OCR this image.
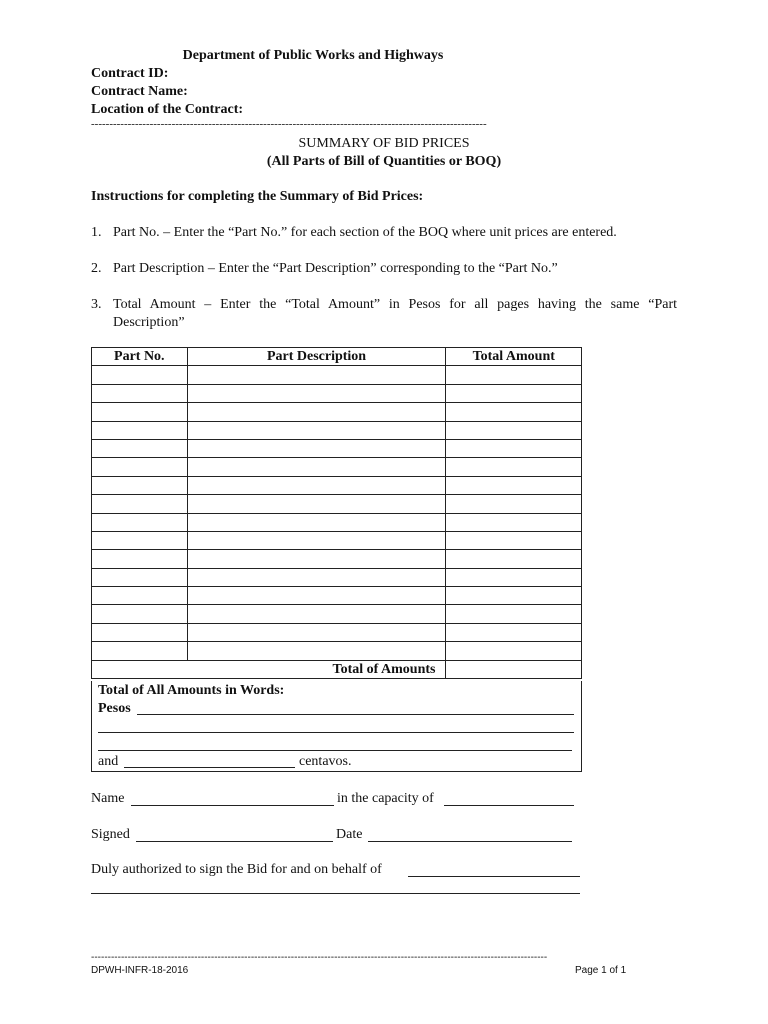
Department of Public Works and Highways
Contract ID:
Contract Name:
Location of the Contract:
------------------------------------------------------------------------------------------------------------
SUMMARY OF BID PRICES
(All Parts of Bill of Quantities or BOQ)
Instructions for completing the Summary of Bid Prices:
1. Part No. – Enter the “Part No.” for each section of the BOQ where unit prices are entered.
2. Part Description – Enter the “Part Description” corresponding to the “Part No.”
3. Total Amount – Enter the “Total Amount” in Pesos for all pages having the same “Part
Description”
Part No.	Part Description	Total Amount

Total of Amounts		
Total of All Amounts in Words:
Pesos
and	centavos.
Name	in the capacity of
Signed	Date
Duly authorized to sign the Bid for and on behalf of
-----------------------------------------------------------------------------------------------------------------------------------------
DPWH-INFR-18-2016	Page 1 of 1
